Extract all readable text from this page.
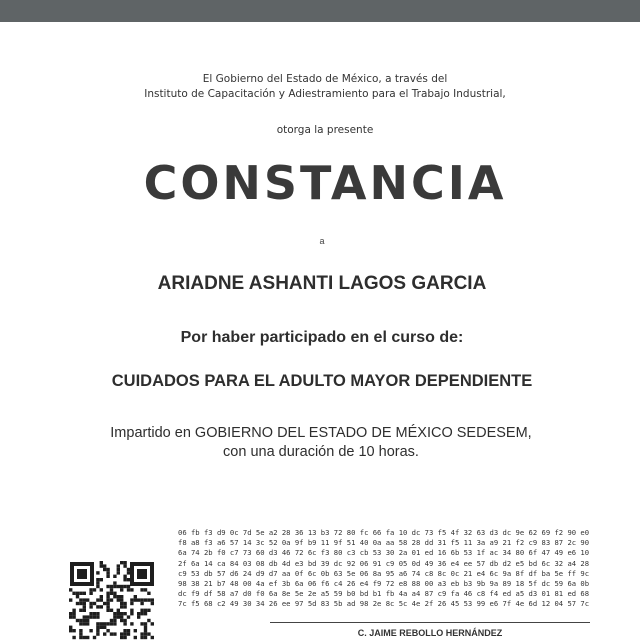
El Gobierno del Estado de México, a través del
Instituto de Capacitación y Adiestramiento para el Trabajo Industrial,
otorga la presente
CONSTANCIA
a
ARIADNE ASHANTI LAGOS GARCIA
Por haber participado en el curso de:
CUIDADOS PARA EL ADULTO MAYOR DEPENDIENTE
Impartido en GOBIERNO DEL ESTADO DE MÉXICO SEDESEM,
con una duración de 10 horas.
06 fb f3 d9 0c 7d 5e a2 28 36 13 b3 72 80 fc 66 fa 10 dc 73 f5 4f 32 63 d3 dc 9e 62 69 f2 90 e0 f8 a8 f3 a6 57 14 3c 52 0a 9f b9 11 9f 51 40 0a aa 58 28 dd 31 f5 11 3a a9 21 f2 c9 83 87 2c 90 6a 74 2b f0 c7 73 60 d3 46 72 6c f3 80 c3 cb 53 30 2a 01 ed 16 6b 53 1f ac 34 80 6f 47 49 e6 10 2f 6a 14 ca 84 03 08 db 4d e3 bd 39 dc 92 06 91 c9 05 0d 49 36 e4 ee 57 db d2 e5 bd 6c 32 a4 28 c9 53 db 57 d6 24 d9 d7 aa 0f 6c 0b 63 5e 06 8a 95 a6 74 c8 8c 0c 21 e4 6c 9a 8f df ba 5e ff 9c 98 38 21 b7 48 00 4a ef 3b 6a 06 f6 c4 26 e4 f9 72 e8 88 00 a3 eb b3 9b 9a 89 18 5f dc 59 6a 0b dc f9 df 58 a7 d0 f0 6a 8e 5e 2e a5 59 b0 bd b1 fb 4a a4 87 c9 fa 46 c8 f4 ed a5 d3 01 81 ed 68 7c f5 68 c2 49 30 34 26 ee 97 5d 83 5b ad 98 2e 8c 5c 4e 2f 26 45 53 99 e6 7f 4e 6d 12 04 57 7c
C. JAIME REBOLLO HERNÁNDEZ
